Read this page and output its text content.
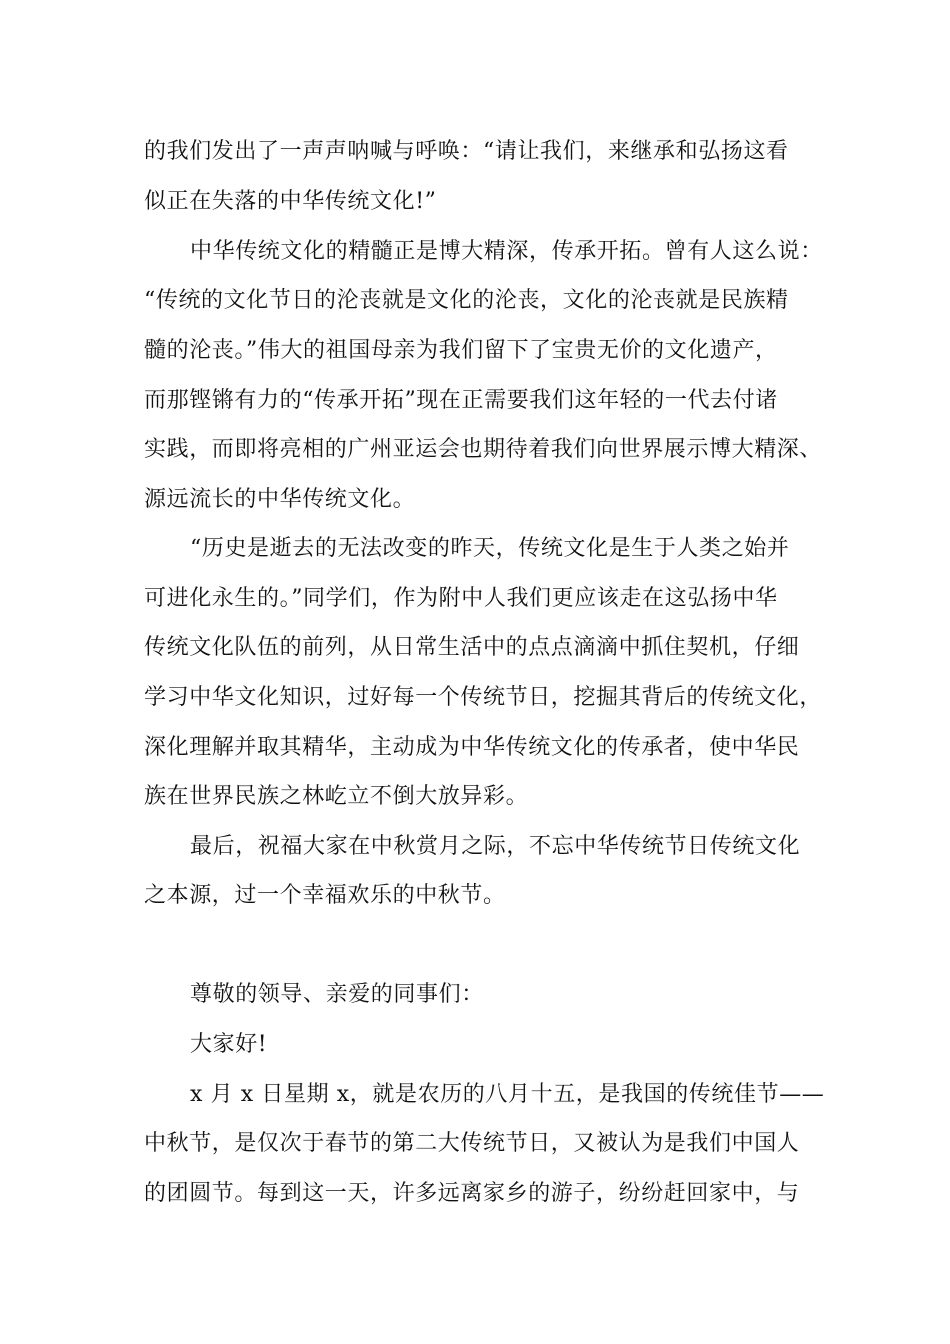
的我们发出了一声声呐喊与呼唤：“请让我们，来继承和弘扬这看
似正在失落的中华传统文化!”
中华传统文化的精髓正是博大精深，传承开拓。曾有人这么说：
“传统的文化节日的沦丧就是文化的沦丧，文化的沦丧就是民族精
髓的沦丧。”伟大的祖国母亲为我们留下了宝贵无价的文化遗产，
而那铿锵有力的“传承开拓”现在正需要我们这年轻的一代去付诸
实践，而即将亮相的广州亚运会也期待着我们向世界展示博大精深、
源远流长的中华传统文化。
“历史是逝去的无法改变的昨天，传统文化是生于人类之始并
可进化永生的。”同学们，作为附中人我们更应该走在这弘扬中华
传统文化队伍的前列，从日常生活中的点点滴滴中抓住契机，仔细
学习中华文化知识，过好每一个传统节日，挖掘其背后的传统文化，
深化理解并取其精华，主动成为中华传统文化的传承者，使中华民
族在世界民族之林屹立不倒大放异彩。
最后，祝福大家在中秋赏月之际，不忘中华传统节日传统文化
之本源，过一个幸福欢乐的中秋节。
尊敬的领导、亲爱的同事们：
大家好!
x 月 x 日星期 x，就是农历的八月十五，是我国的传统佳节——
中秋节，是仅次于春节的第二大传统节日，又被认为是我们中国人
的团圆节。每到这一天，许多远离家乡的游子，纷纷赶回家中，与
